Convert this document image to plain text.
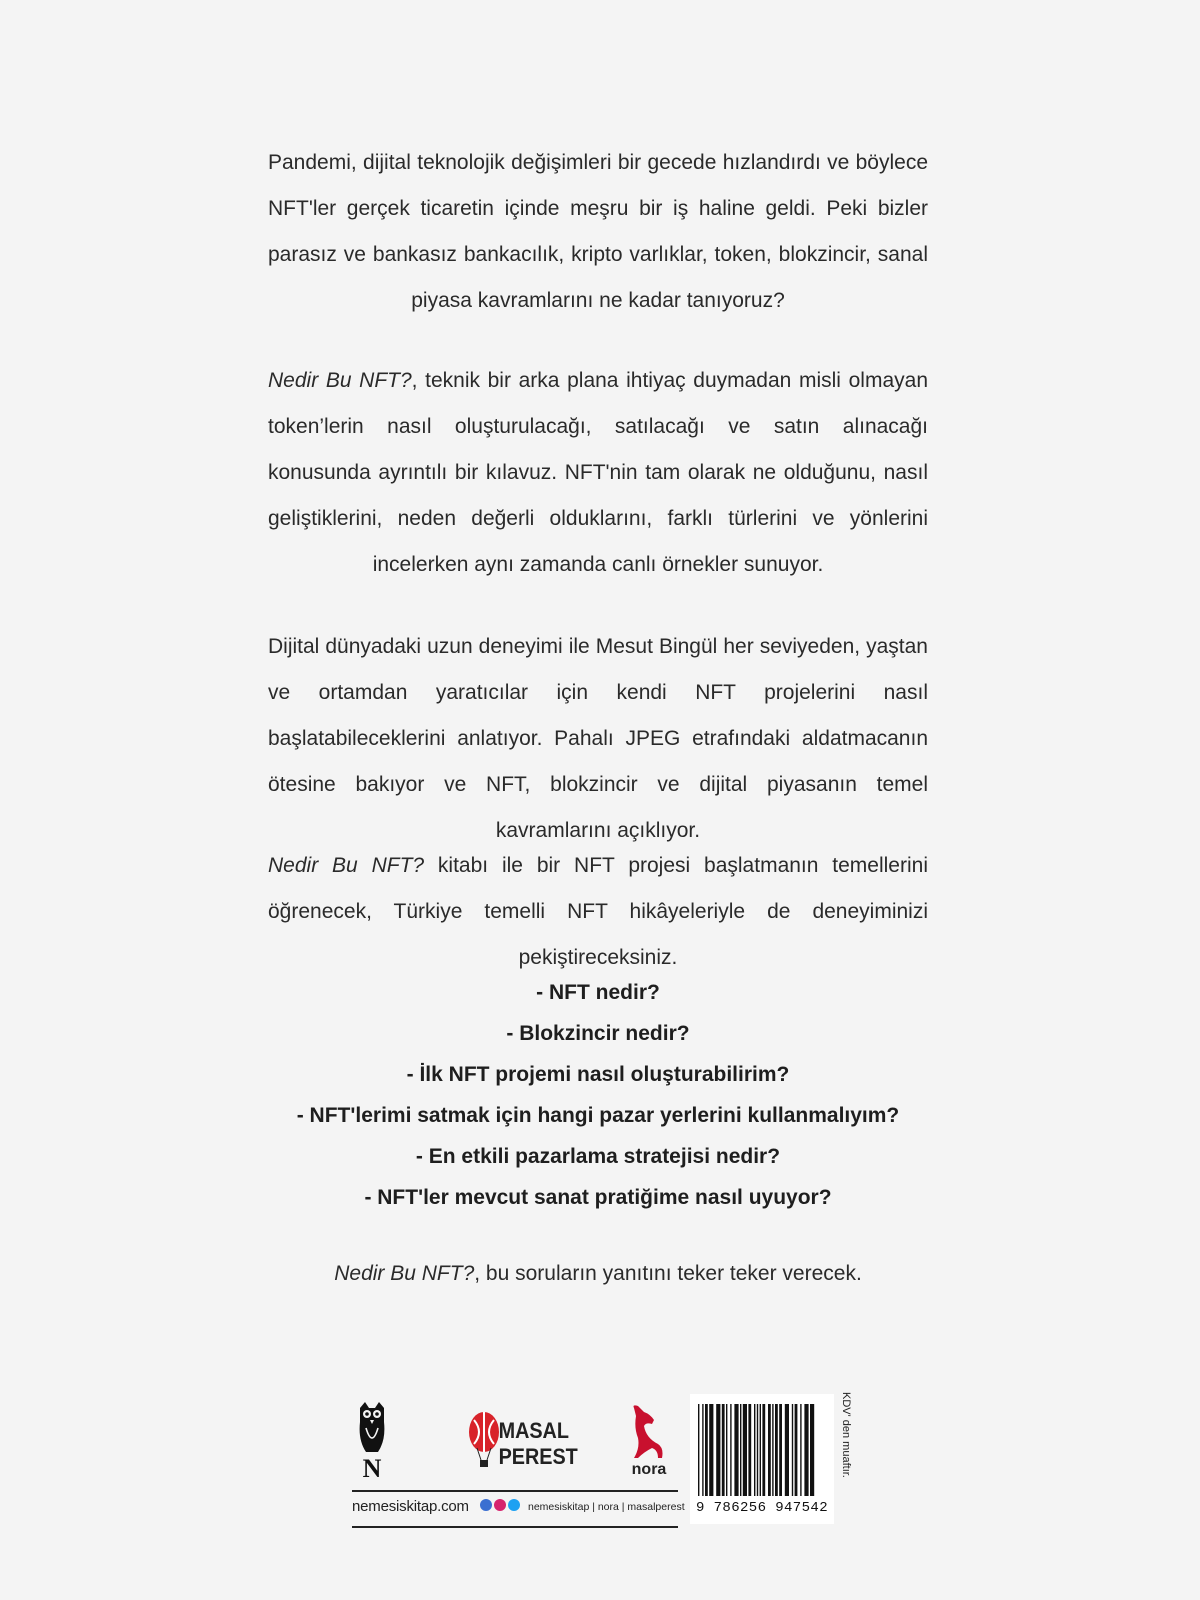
Pandemi, dijital teknolojik değişimleri bir gecede hızlandırdı ve böylece NFT'ler gerçek ticaretin içinde meşru bir iş haline geldi. Peki bizler parasız ve bankasız bankacılık, kripto varlıklar, token, blokzincir, sanal piyasa kavramlarını ne kadar tanıyoruz?

Nedir Bu NFT?, teknik bir arka plana ihtiyaç duymadan misli olmayan token’lerin nasıl oluşturulacağı, satılacağı ve satın alınacağı konusunda ayrıntılı bir kılavuz. NFT'nin tam olarak ne olduğunu, nasıl geliştiklerini, neden değerli olduklarını, farklı türlerini ve yönlerini incelerken aynı zamanda canlı örnekler sunuyor.

Dijital dünyadaki uzun deneyimi ile Mesut Bingül her seviyeden, yaştan ve ortamdan yaratıcılar için kendi NFT projelerini nasıl başlatabileceklerini anlatıyor. Pahalı JPEG etrafındaki aldatmacanın ötesine bakıyor ve NFT, blokzincir ve dijital piyasanın temel kavramlarını açıklıyor.

Nedir Bu NFT? kitabı ile bir NFT projesi başlatmanın temellerini öğrenecek, Türkiye temelli NFT hikâyeleriyle de deneyiminizi pekiştireceksiniz.

- NFT nedir?
- Blokzincir nedir?
- İlk NFT projemi nasıl oluşturabilirim?
- NFT'lerimi satmak için hangi pazar yerlerini kullanmalıyım?
- En etkili pazarlama stratejisi nedir?
- NFT'ler mevcut sanat pratiğime nasıl uyuyor?

Nedir Bu NFT?, bu soruların yanıtını teker teker verecek.

N
MASAL
PEREST
nora
nemesiskitap.com	nemesiskitap | nora | masalperest 9 786256 947542
KDV' den muaftır.
